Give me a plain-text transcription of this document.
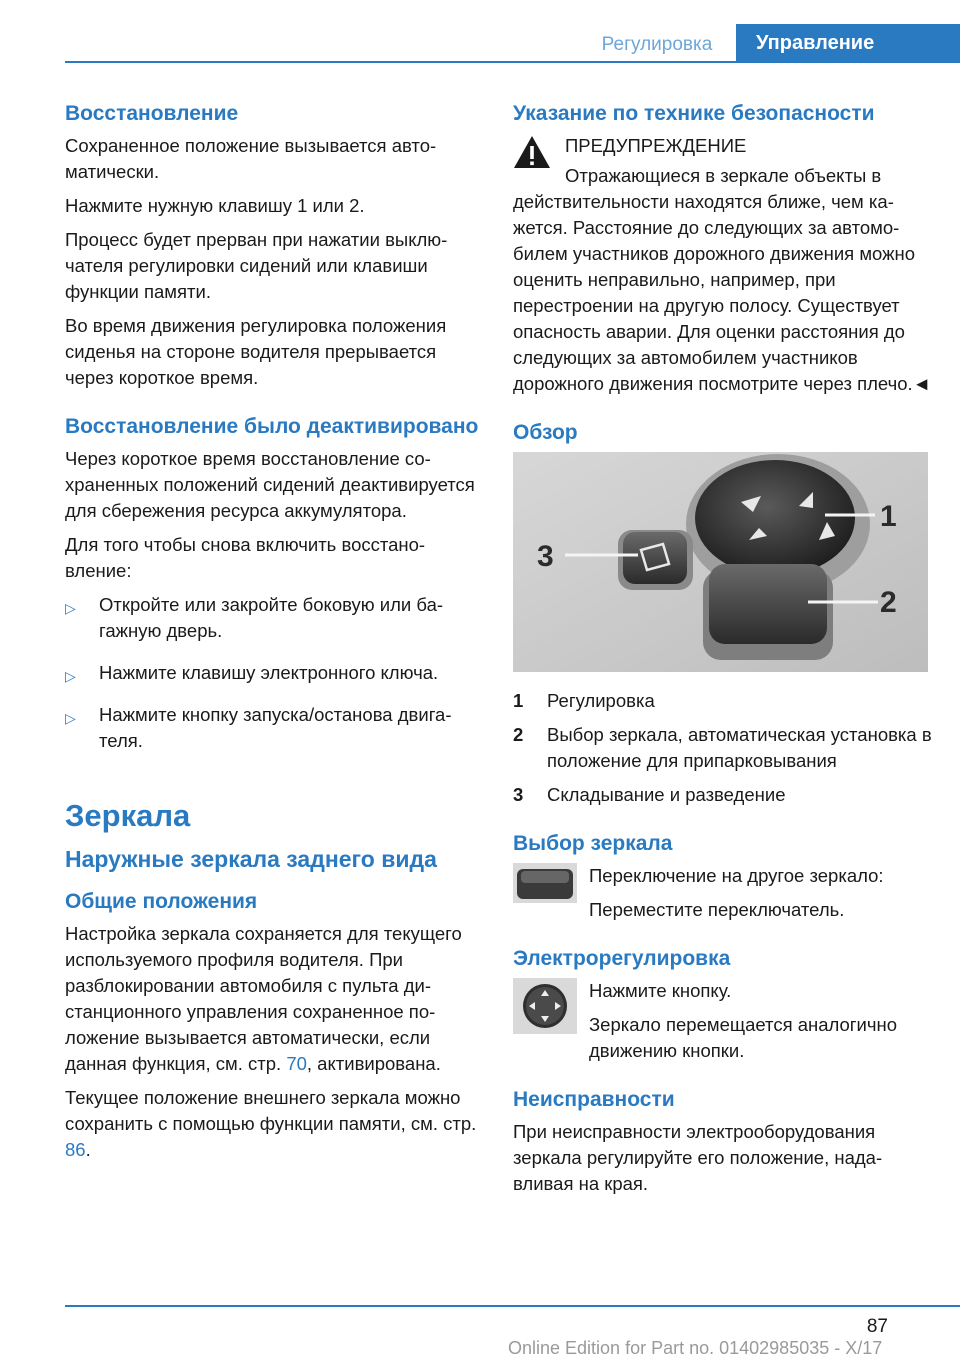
Регулировка	Управление
Восстановление

Сохраненное положение вызывается автоматически.

Нажмите нужную клавишу 1 или 2.

Процесс будет прерван при нажатии выключателя регулировки сидений или клавиши функции памяти.

Во время движения регулировка положения сиденья на стороне водителя прерывается через короткое время.

Восстановление было деактивировано

Через короткое время восстановление сохраненных положений сидений деактивируется для сбережения ресурса аккумулятора.

Для того чтобы снова включить восстановление:

▷ Откройте или закройте боковую или багажную дверь.
▷ Нажмите клавишу электронного ключа.
▷ Нажмите кнопку запуска/останова двигателя.
Зеркала
Наружные зеркала заднего вида
Общие положения

Настройка зеркала сохраняется для текущего используемого профиля водителя. При разблокировании автомобиля с пульта дистанционного управления сохраненное положение вызывается автоматически, если данная функция, см. стр. 70, активирована.

Текущее положение внешнего зеркала можно сохранить с помощью функции памяти, см. стр. 86.

Указание по технике безопасности

ПРЕДУПРЕЖДЕНИЕ

Отражающиеся в зеркале объекты в

действительности находятся ближе, чем кажется. Расстояние до следующих за автомобилем участников дорожного движения можно оценить неправильно, например, при перестроении на другую полосу. Существует опасность аварии. Для оценки расстояния до следующих за автомобилем участников дорожного движения посмотрите через плечо.◄

Обзор
3
1
2
1	Регулировка
2	Выбор зеркала, автоматическая установка в положение для припарковывания
3	Складывание и разведение
Выбор зеркала

Переключение на другое зеркало:

Переместите переключатель.

Электрорегулировка

Нажмите кнопку.

Зеркало перемещается аналогично движению кнопки.

Неисправности

При неисправности электрооборудования зеркала регулируйте его положение, надавливая на края.

87
Online Edition for Part no. 01402985035 - X/17
